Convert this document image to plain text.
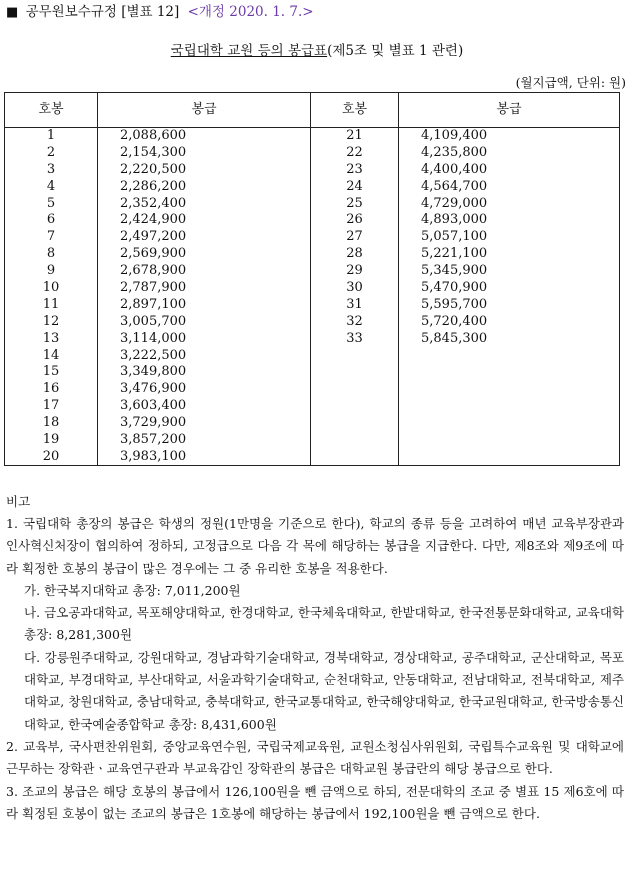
■ 공무원보수규정 [별표 12] <개정 2020. 1. 7.>
국립대학 교원 등의 봉급표(제5조 및 별표 1 관련)
(월지급액, 단위: 원)
호봉	봉급	호봉	봉급
1	2,088,600	21	4,109,400
2	2,154,300	22	4,235,800
3	2,220,500	23	4,400,400
4	2,286,200	24	4,564,700
5	2,352,400	25	4,729,000
6	2,424,900	26	4,893,000
7	2,497,200	27	5,057,100
8	2,569,900	28	5,221,100
9	2,678,900	29	5,345,900
10	2,787,900	30	5,470,900
11	2,897,100	31	5,595,700
12	3,005,700	32	5,720,400
13	3,114,000	33	5,845,300
14	3,222,500		
15	3,349,800		
16	3,476,900		
17	3,603,400		
18	3,729,900		
19	3,857,200		
20	3,983,100		
비고
1. 국립대학 총장의 봉급은 학생의 정원(1만명을 기준으로 한다), 학교의 종류 등을 고려하여 매년 교육부장관과 인사혁신처장이 협의하여 정하되, 고정급으로 다음 각 목에 해당하는 봉급을 지급한다. 다만, 제8조와 제9조에 따라 획정한 호봉의 봉급이 많은 경우에는 그 중 유리한 호봉을 적용한다.
가. 한국복지대학교 총장: 7,011,200원
나. 금오공과대학교, 목포해양대학교, 한경대학교, 한국체육대학교, 한밭대학교, 한국전통문화대학교, 교육대학 총장: 8,281,300원
다. 강릉원주대학교, 강원대학교, 경남과학기술대학교, 경북대학교, 경상대학교, 공주대학교, 군산대학교, 목포대학교, 부경대학교, 부산대학교, 서울과학기술대학교, 순천대학교, 안동대학교, 전남대학교, 전북대학교, 제주대학교, 창원대학교, 충남대학교, 충북대학교, 한국교통대학교, 한국해양대학교, 한국교원대학교, 한국방송통신대학교, 한국예술종합학교 총장: 8,431,600원
2. 교육부, 국사편찬위원회, 중앙교육연수원, 국립국제교육원, 교원소청심사위원회, 국립특수교육원 및 대학교에 근무하는 장학관ㆍ교육연구관과 부교육감인 장학관의 봉급은 대학교원 봉급란의 해당 봉급으로 한다.
3. 조교의 봉급은 해당 호봉의 봉급에서 126,100원을 뺀 금액으로 하되, 전문대학의 조교 중 별표 15 제6호에 따라 획정된 호봉이 없는 조교의 봉급은 1호봉에 해당하는 봉급에서 192,100원을 뺀 금액으로 한다.
